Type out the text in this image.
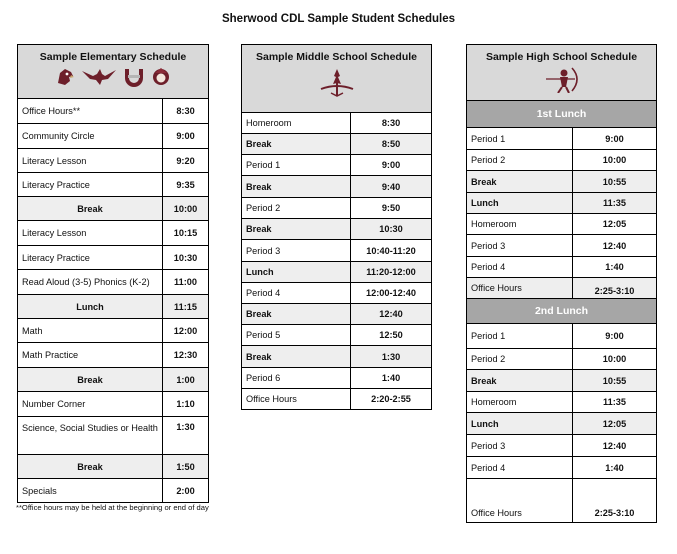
Sherwood CDL Sample Student Schedules
Sample Elementary Schedule	

Office Hours**	8:30
Community Circle	9:00
Literacy Lesson	9:20
Literacy Practice	9:35
Break	10:00
Literacy Lesson	10:15
Literacy Practice	10:30
Read Aloud (3-5) Phonics (K-2)	11:00
Lunch	11:15
Math	12:00
Math Practice	12:30
Break	1:00
Number Corner	1:10
Science, Social Studies or Health	1:30
Break	1:50
Specials	2:00
**Office hours may be held at the beginning or end of day
Sample Middle School Schedule	

Homeroom	8:30
Break	8:50
Period 1	9:00
Break	9:40
Period 2	9:50
Break	10:30
Period 3	10:40-11:20
Lunch	11:20-12:00
Period 4	12:00-12:40
Break	12:40
Period 5	12:50
Break	1:30
Period 6	1:40
Office Hours	2:20-2:55
Sample High School Schedule	

1st Lunch	
Period 1	9:00
Period 2	10:00
Break	10:55
Lunch	11:35
Homeroom	12:05
Period 3	12:40
Period 4	1:40
Office Hours	2:25-3:10
2nd Lunch	
Period 1	9:00
Period 2	10:00
Break	10:55
Homeroom	11:35
Lunch	12:05
Period 3	12:40
Period 4	1:40
Office Hours	2:25-3:10
